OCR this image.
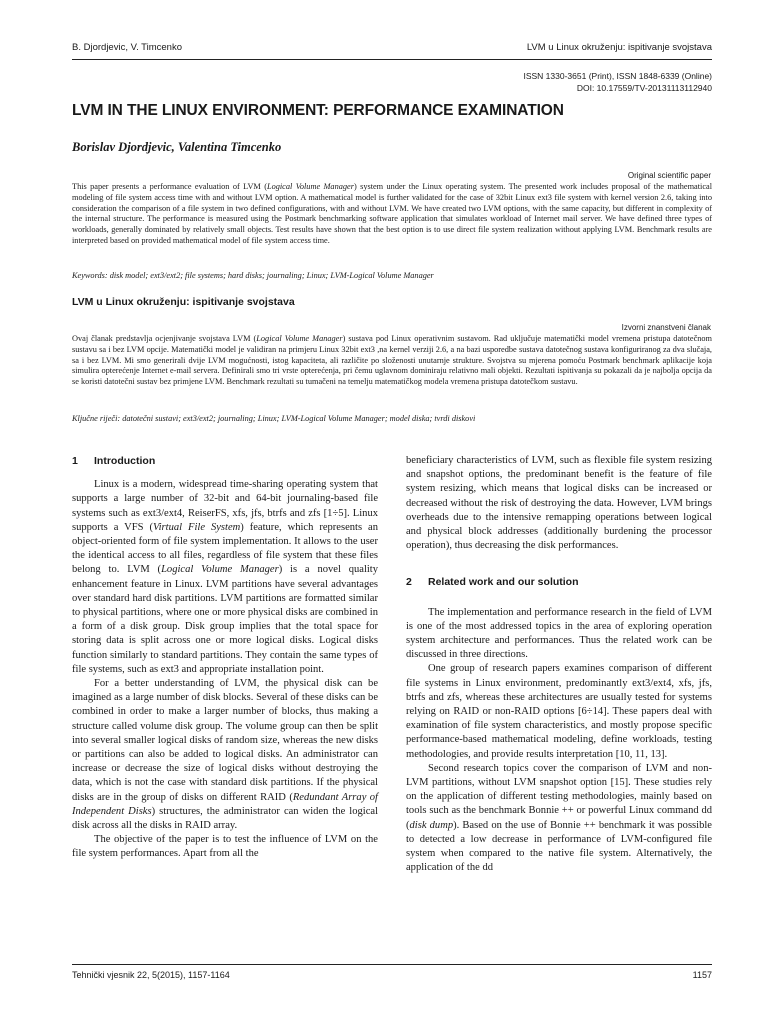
B. Djordjevic, V. Timcenko	LVM u Linux okruženju: ispitivanje svojstava
ISSN 1330-3651 (Print), ISSN 1848-6339 (Online)
DOI: 10.17559/TV-20131113112940
LVM IN THE LINUX ENVIRONMENT: PERFORMANCE EXAMINATION
Borislav Djordjevic, Valentina Timcenko
Original scientific paper

This paper presents a performance evaluation of LVM (Logical Volume Manager) system under the Linux operating system. The presented work includes proposal of the mathematical modeling of file system access time with and without LVM option. A mathematical model is further validated for the case of 32bit Linux ext3 file system with kernel version 2.6, taking into consideration the comparison of a file system in two defined configurations, with and without LVM. We have created two LVM options, with the same capacity, but different in complexity of the internal structure. The performance is measured using the Postmark benchmarking software application that simulates workload of Internet mail server. We have defined three types of workloads, generally dominated by relatively small objects. Test results have shown that the best option is to use direct file system realization without applying LVM. Benchmark results are interpreted based on provided mathematical model of file system access time.

Keywords: disk model; ext3/ext2; file systems; hard disks; journaling; Linux; LVM-Logical Volume Manager

LVM u Linux okruženju: ispitivanje svojstava
Izvorni znanstveni članak

Ovaj članak predstavlja ocjenjivanje svojstava LVM (Logical Volume Manager) sustava pod Linux operativnim sustavom. Rad uključuje matematički model vremena pristupa datotečnom sustavu sa i bez LVM opcije. Matematički model je validiran na primjeru Linux 32bit ext3 ,na kernel verziji 2.6, a na bazi usporedbe sustava datotečnog sustava konfiguriranog za dva slučaja, sa i bez LVM. Mi smo generirali dvije LVM mogućnosti, istog kapaciteta, ali različite po složenosti unutarnje strukture. Svojstva su mjerena pomoću Postmark benchmark aplikacije koja simulira opterećenje Internet e-mail servera. Definirali smo tri vrste opterećenja, pri čemu uglavnom dominiraju relativno mali objekti. Rezultati ispitivanja su pokazali da je najbolja opcija da se koristi datotečni sustav bez primjene LVM. Benchmark rezultati su tumačeni na temelju matematičkog modela vremena pristupa datotečkom sustavu.

Ključne riječi: datotečni sustavi; ext3/ext2; journaling; Linux; LVM-Logical Volume Manager; model diska; tvrdi diskovi

1 Introduction

Linux is a modern, widespread time-sharing operating system that supports a large number of 32-bit and 64-bit journaling-based file systems such as ext3/ext4, ReiserFS, xfs, jfs, btrfs and zfs [1÷5]. Linux supports a VFS (Virtual File System) feature, which represents an object-oriented form of file system implementation. It allows to the user the identical access to all files, regardless of file system that these files belong to. LVM (Logical Volume Manager) is a novel quality enhancement feature in Linux. LVM partitions have several advantages over standard hard disk partitions. LVM partitions are formatted similar to physical partitions, where one or more physical disks are combined in a form of a disk group. Disk group implies that the total space for storing data is split across one or more logical disks. Logical disks function similarly to standard partitions. They contain the same types of file systems, such as ext3 and appropriate installation point.

For a better understanding of LVM, the physical disk can be imagined as a large number of disk blocks. Several of these disks can be combined in order to make a larger number of blocks, thus making a structure called volume disk group. The volume group can then be split into several smaller logical disks of random size, whereas the new disks or partitions can also be added to logical disks. An administrator can increase or decrease the size of logical disks without destroying the data, which is not the case with standard disk partitions. If the physical disks are in the group of disks on different RAID (Redundant Array of Independent Disks) structures, the administrator can widen the logical disk across all the disks in RAID array.

The objective of the paper is to test the influence of LVM on the file system performances. Apart from all the

beneficiary characteristics of LVM, such as flexible file system resizing and snapshot options, the predominant benefit is the feature of file system resizing, which means that logical disks can be increased or decreased without the risk of destroying the data. However, LVM brings overheads due to the intensive remapping operations between logical and physical block addresses (additionally burdening the processor operation), thus decreasing the disk performances.

2 Related work and our solution

The implementation and performance research in the field of LVM is one of the most addressed topics in the area of exploring operation system architecture and performances. Thus the related work can be discussed in three directions.

One group of research papers examines comparison of different file systems in Linux environment, predominantly ext3/ext4, xfs, jfs, btrfs and zfs, whereas these architectures are usually tested for systems relying on RAID or non-RAID options [6÷14]. These papers deal with examination of file system characteristics, and mostly propose specific performance-based mathematical modeling, define workloads, testing methodologies, and provide results interpretation [10, 11, 13].

Second research topics cover the comparison of LVM and non-LVM partitions, without LVM snapshot option [15]. These studies rely on the application of different testing methodologies, mainly based on tools such as the benchmark Bonnie ++ or powerful Linux command dd (disk dump). Based on the use of Bonnie ++ benchmark it was possible to detected a low decrease in performance of LVM-configured file system when compared to the native file system. Alternatively, the application of the dd

Tehnički vjesnik 22, 5(2015), 1157-1164	1157
